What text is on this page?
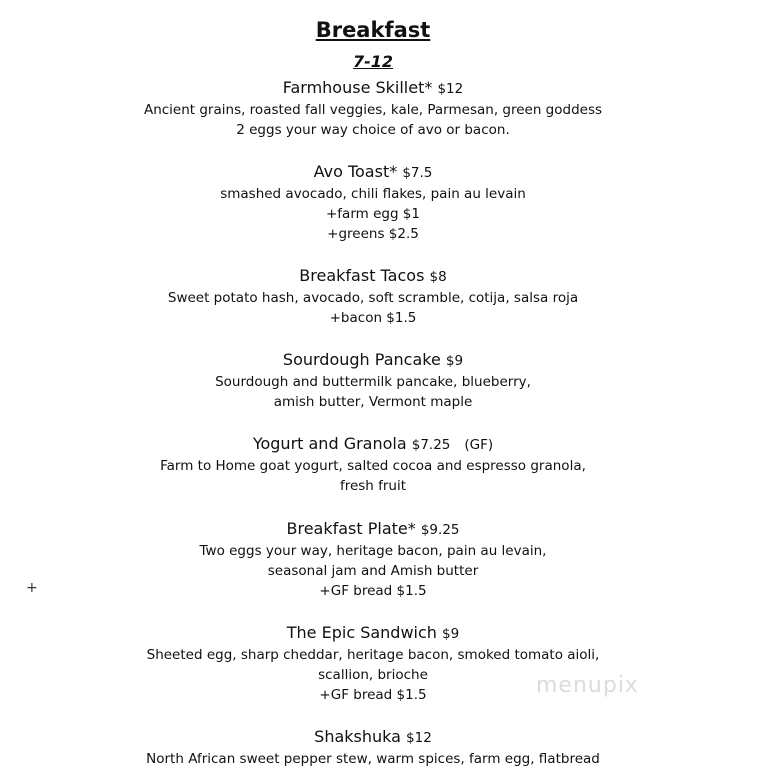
Breakfast
7-12
Farmhouse Skillet* $12
Ancient grains, roasted fall veggies, kale, Parmesan, green goddess
2 eggs your way choice of avo or bacon.
Avo Toast* $7.5
smashed avocado, chili flakes, pain au levain
+farm egg $1
+greens $2.5
Breakfast Tacos $8
Sweet potato hash, avocado, soft scramble, cotija, salsa roja
+bacon $1.5
Sourdough Pancake $9
Sourdough and buttermilk pancake, blueberry,
amish butter, Vermont maple
Yogurt and Granola $7.25 (GF)
Farm to Home goat yogurt, salted cocoa and espresso granola,
fresh fruit
Breakfast Plate* $9.25
Two eggs your way, heritage bacon, pain au levain,
seasonal jam and Amish butter
+GF bread $1.5
The Epic Sandwich $9
Sheeted egg, sharp cheddar, heritage bacon, smoked tomato aioli,
scallion, brioche
+GF bread $1.5
Shakshuka $12
North African sweet pepper stew, warm spices, farm egg, flatbread
+
menupix
